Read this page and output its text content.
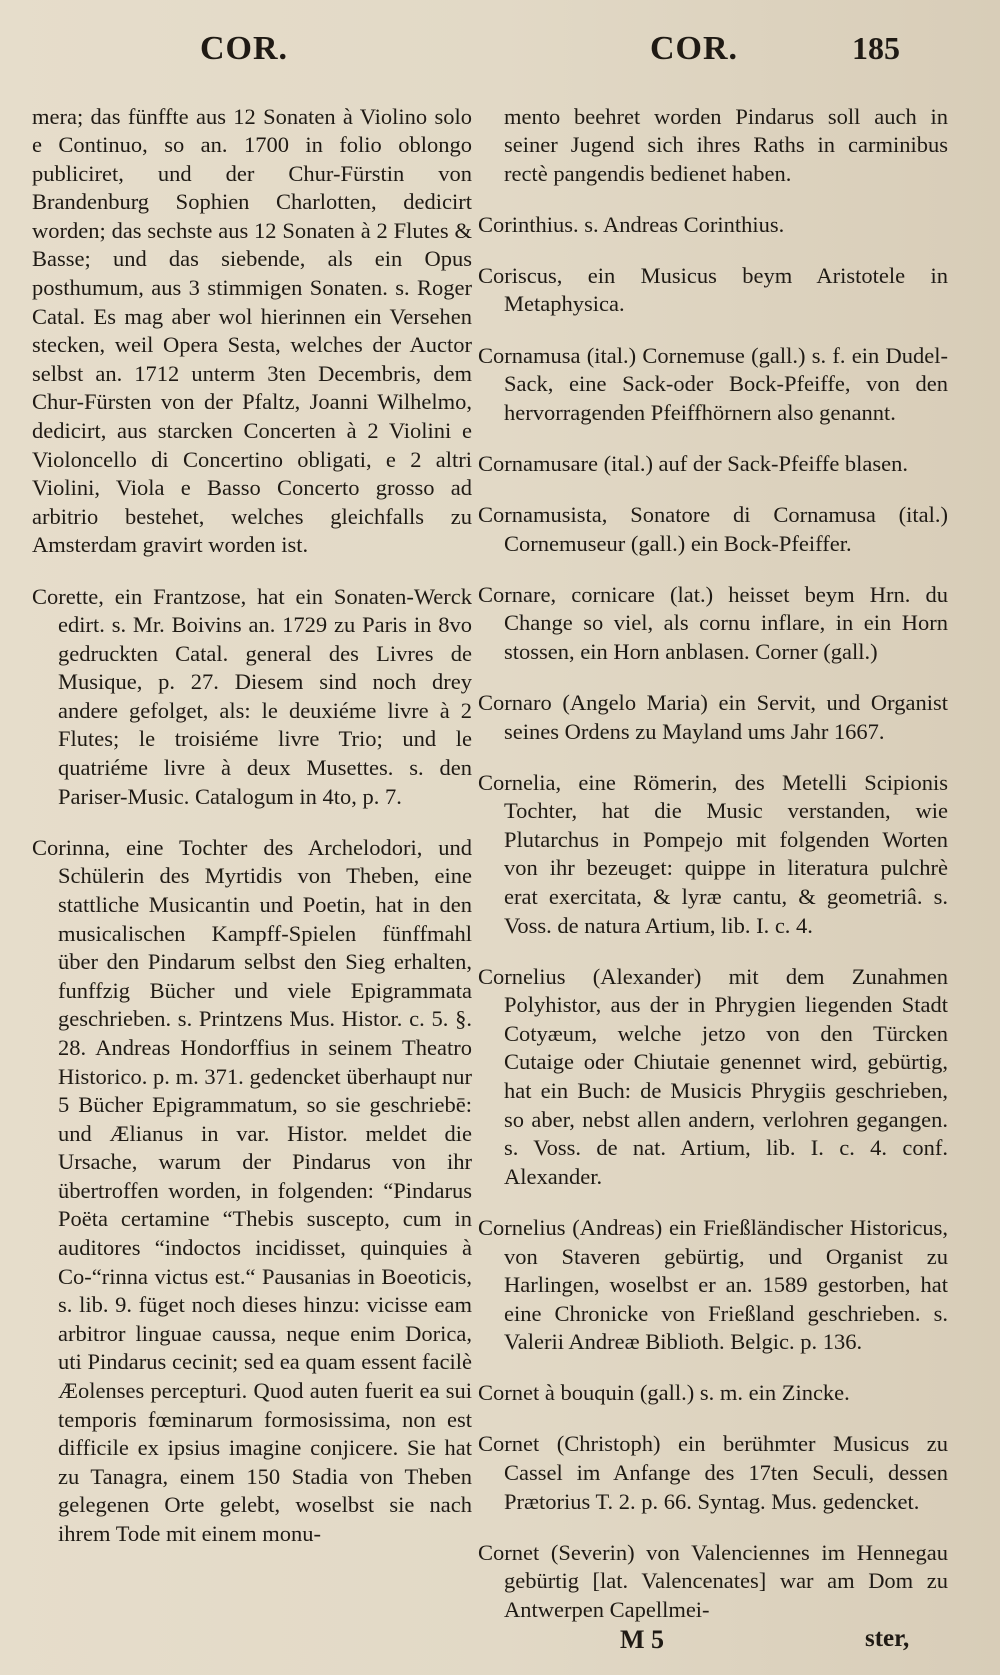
COR.	COR.	185

mera; das fünffte aus 12 Sonaten à Violino solo e Continuo, so an. 1700 in folio oblongo publiciret, und der Chur-Fürstin von Brandenburg Sophien Charlotten, dedicirt worden; das sechste aus 12 Sonaten à 2 Flutes & Basse; und das siebende, als ein Opus posthumum, aus 3 stimmigen Sonaten. s. Roger Catal. Es mag aber wol hierinnen ein Versehen stecken, weil Opera Sesta, welches der Auctor selbst an. 1712 unterm 3ten Decembris, dem Chur-Fürsten von der Pfaltz, Joanni Wilhelmo, dedicirt, aus starcken Concerten à 2 Violini e Violoncello di Concertino obligati, e 2 altri Violini, Viola e Basso Concerto grosso ad arbitrio bestehet, welches gleichfalls zu Amsterdam gravirt worden ist.

Corette, ein Frantzose, hat ein Sonaten-Werck edirt. s. Mr. Boivins an. 1729 zu Paris in 8vo gedruckten Catal. general des Livres de Musique, p. 27. Diesem sind noch drey andere gefolget, als: le deuxiéme livre à 2 Flutes; le troisiéme livre Trio; und le quatriéme livre à deux Musettes. s. den Pariser-Music. Catalogum in 4to, p. 7.

Corinna, eine Tochter des Archelodori, und Schülerin des Myrtidis von Theben, eine stattliche Musicantin und Poetin, hat in den musicalischen Kampff-Spielen fünffmahl über den Pindarum selbst den Sieg erhalten, funffzig Bücher und viele Epigrammata geschrieben. s. Printzens Mus. Histor. c. 5. §. 28. Andreas Hondorffius in seinem Theatro Historico. p. m. 371. gedencket überhaupt nur 5 Bücher Epigrammatum, so sie geschriebē: und Ælianus in var. Histor. meldet die Ursache, warum der Pindarus von ihr übertroffen worden, in folgenden: “Pindarus Poëta certamine “Thebis suscepto, cum in auditores “indoctos incidisset, quinquies à Co-“rinna victus est.“ Pausanias in Boeoticis, s. lib. 9. füget noch dieses hinzu: vicisse eam arbitror linguae caussa, neque enim Dorica, uti Pindarus cecinit; sed ea quam essent facilè Æolenses percepturi. Quod auten fuerit ea sui temporis fœminarum formosissima, non est difficile ex ipsius imagine conjicere. Sie hat zu Tanagra, einem 150 Stadia von Theben gelegenen Orte gelebt, woselbst sie nach ihrem Tode mit einem monu-

mento beehret worden Pindarus soll auch in seiner Jugend sich ihres Raths in carminibus rectè pangendis bedienet haben.

Corinthius. s. Andreas Corinthius.

Coriscus, ein Musicus beym Aristotele in Metaphysica.

Cornamusa (ital.) Cornemuse (gall.) s. f. ein Dudel-Sack, eine Sack-oder Bock-Pfeiffe, von den hervorragenden Pfeiffhörnern also genannt.

Cornamusare (ital.) auf der Sack-Pfeiffe blasen.

Cornamusista, Sonatore di Cornamusa (ital.) Cornemuseur (gall.) ein Bock-Pfeiffer.

Cornare, cornicare (lat.) heisset beym Hrn. du Change so viel, als cornu inflare, in ein Horn stossen, ein Horn anblasen. Corner (gall.)

Cornaro (Angelo Maria) ein Servit, und Organist seines Ordens zu Mayland ums Jahr 1667.

Cornelia, eine Römerin, des Metelli Scipionis Tochter, hat die Music verstanden, wie Plutarchus in Pompejo mit folgenden Worten von ihr bezeuget: quippe in literatura pulchrè erat exercitata, & lyræ cantu, & geometriâ. s. Voss. de natura Artium, lib. I. c. 4.

Cornelius (Alexander) mit dem Zunahmen Polyhistor, aus der in Phrygien liegenden Stadt Cotyæum, welche jetzo von den Türcken Cutaige oder Chiutaie genennet wird, gebürtig, hat ein Buch: de Musicis Phrygiis geschrieben, so aber, nebst allen andern, verlohren gegangen. s. Voss. de nat. Artium, lib. I. c. 4. conf. Alexander.

Cornelius (Andreas) ein Frießländischer Historicus, von Staveren gebürtig, und Organist zu Harlingen, woselbst er an. 1589 gestorben, hat eine Chronicke von Frießland geschrieben. s. Valerii Andreæ Biblioth. Belgic. p. 136.

Cornet à bouquin (gall.) s. m. ein Zincke.

Cornet (Christoph) ein berühmter Musicus zu Cassel im Anfange des 17ten Seculi, dessen Prætorius T. 2. p. 66. Syntag. Mus. gedencket.

Cornet (Severin) von Valenciennes im Hennegau gebürtig [lat. Valencenates] war am Dom zu Antwerpen Capellmei-

M 5	ster,
